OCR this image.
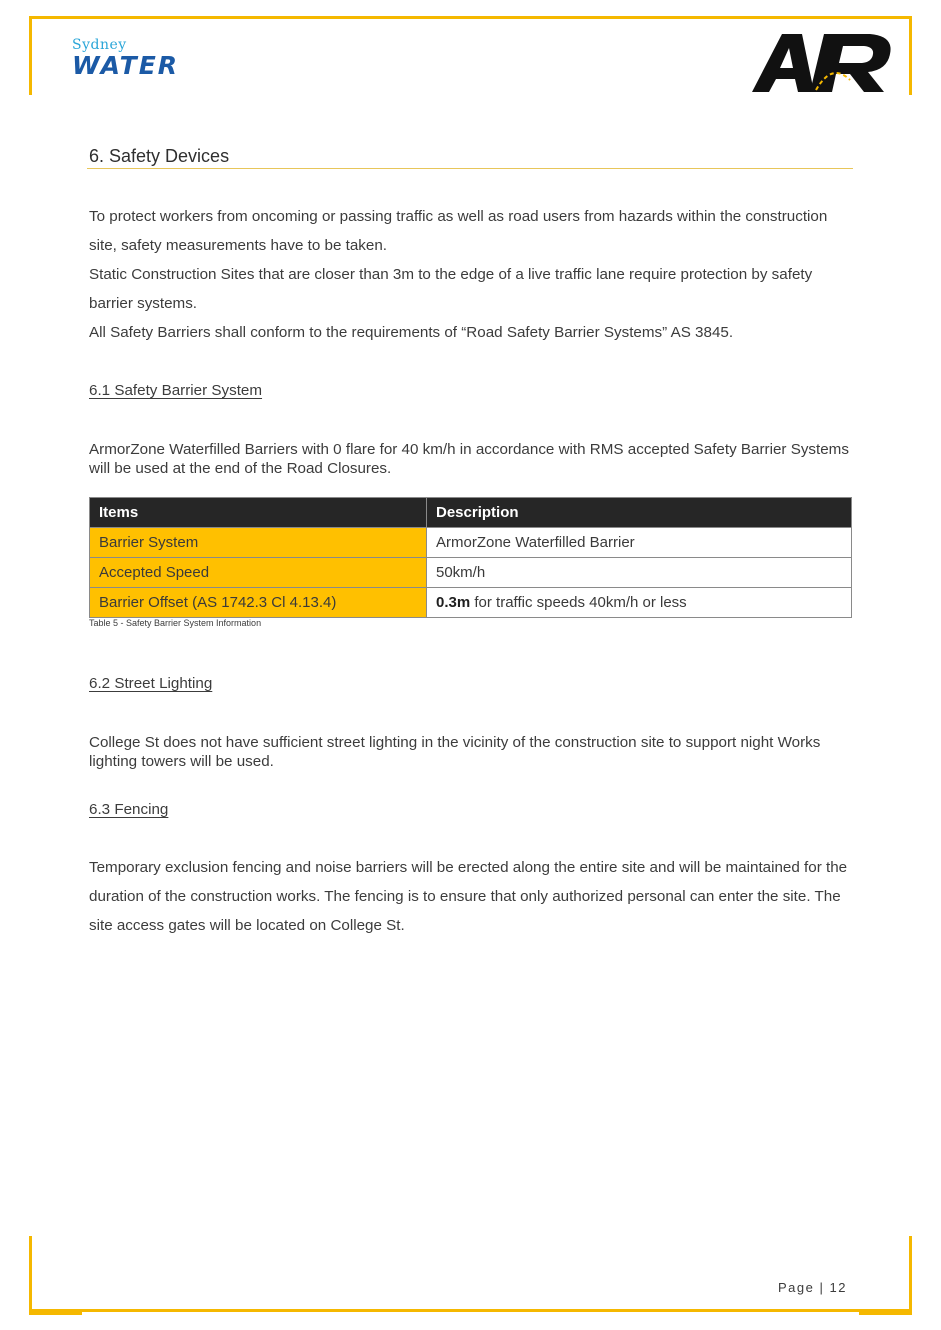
Sydney
WATER
6. Safety Devices

To protect workers from oncoming or passing traffic as well as road users from hazards within the construction site, safety measurements have to be taken.

Static Construction Sites that are closer than 3m to the edge of a live traffic lane require protection by safety barrier systems.

All Safety Barriers shall conform to the requirements of “Road Safety Barrier Systems” AS 3845.

6.1 Safety Barrier System
ArmorZone Waterfilled Barriers with 0 flare for 40 km/h in accordance with RMS accepted Safety Barrier Systems will be used at the end of the Road Closures.
Items	Description
Barrier System	ArmorZone Waterfilled Barrier
Accepted Speed	50km/h
Barrier Offset (AS 1742.3 Cl 4.13.4)	0.3m for traffic speeds 40km/h or less
Table 5 - Safety Barrier System Information
6.2 Street Lighting
College St does not have sufficient street lighting in the vicinity of the construction site to support night Works lighting towers will be used.
6.3 Fencing
Temporary exclusion fencing and noise barriers will be erected along the entire site and will be maintained for the duration of the construction works. The fencing is to ensure that only authorized personal can enter the site. The site access gates will be located on College St.
Page | 12
